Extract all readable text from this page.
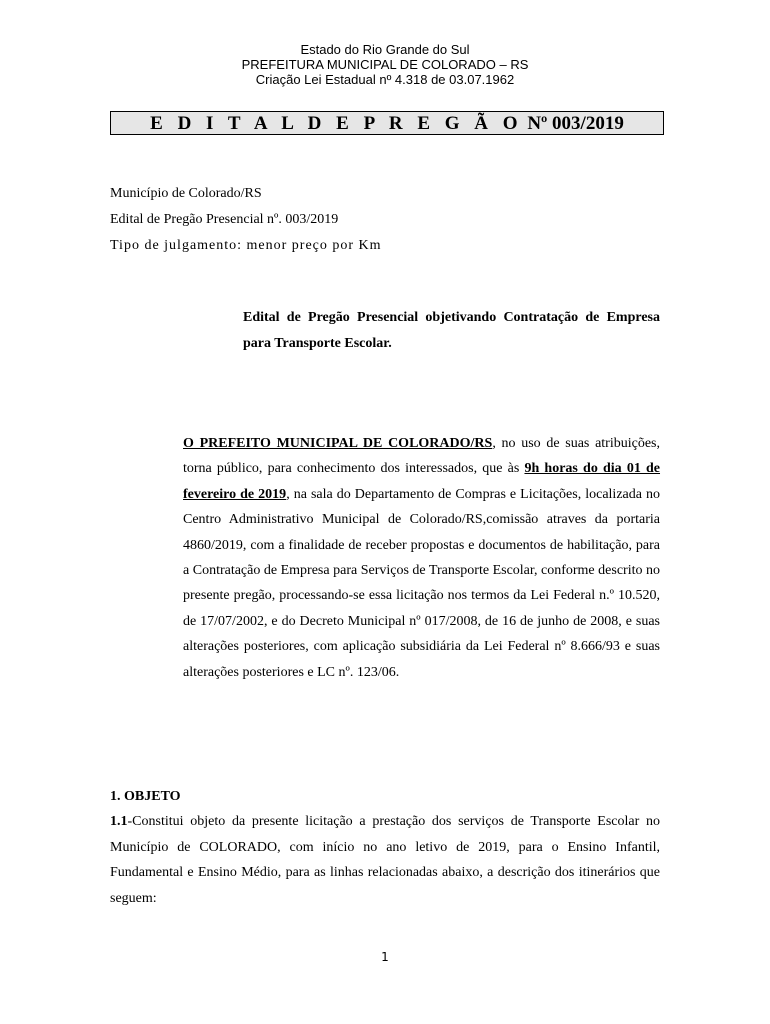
Estado do Rio Grande do Sul
PREFEITURA MUNICIPAL DE COLORADO – RS
Criação Lei Estadual nº 4.318 de 03.07.1962
E D I T A L D E P R E G Ã O Nº 003/2019
Município de Colorado/RS
Edital de Pregão Presencial nº. 003/2019
Tipo de julgamento: menor preço por Km
Edital de Pregão Presencial objetivando Contratação de Empresa para Transporte Escolar.
O PREFEITO MUNICIPAL DE COLORADO/RS, no uso de suas atribuições, torna público, para conhecimento dos interessados, que às 9h horas do dia 01 de fevereiro de 2019, na sala do Departamento de Compras e Licitações, localizada no Centro Administrativo Municipal de Colorado/RS,comissão atraves da portaria 4860/2019, com a finalidade de receber propostas e documentos de habilitação, para a Contratação de Empresa para Serviços de Transporte Escolar, conforme descrito no presente pregão, processando-se essa licitação nos termos da Lei Federal n.º 10.520, de 17/07/2002, e do Decreto Municipal nº 017/2008, de 16 de junho de 2008, e suas alterações posteriores, com aplicação subsidiária da Lei Federal nº 8.666/93 e suas alterações posteriores e LC nº. 123/06.
1. OBJETO
1.1-Constitui objeto da presente licitação a prestação dos serviços de Transporte Escolar no Município de COLORADO, com início no ano letivo de 2019, para o Ensino Infantil, Fundamental e Ensino Médio, para as linhas relacionadas abaixo, a descrição dos itinerários que seguem:
1
